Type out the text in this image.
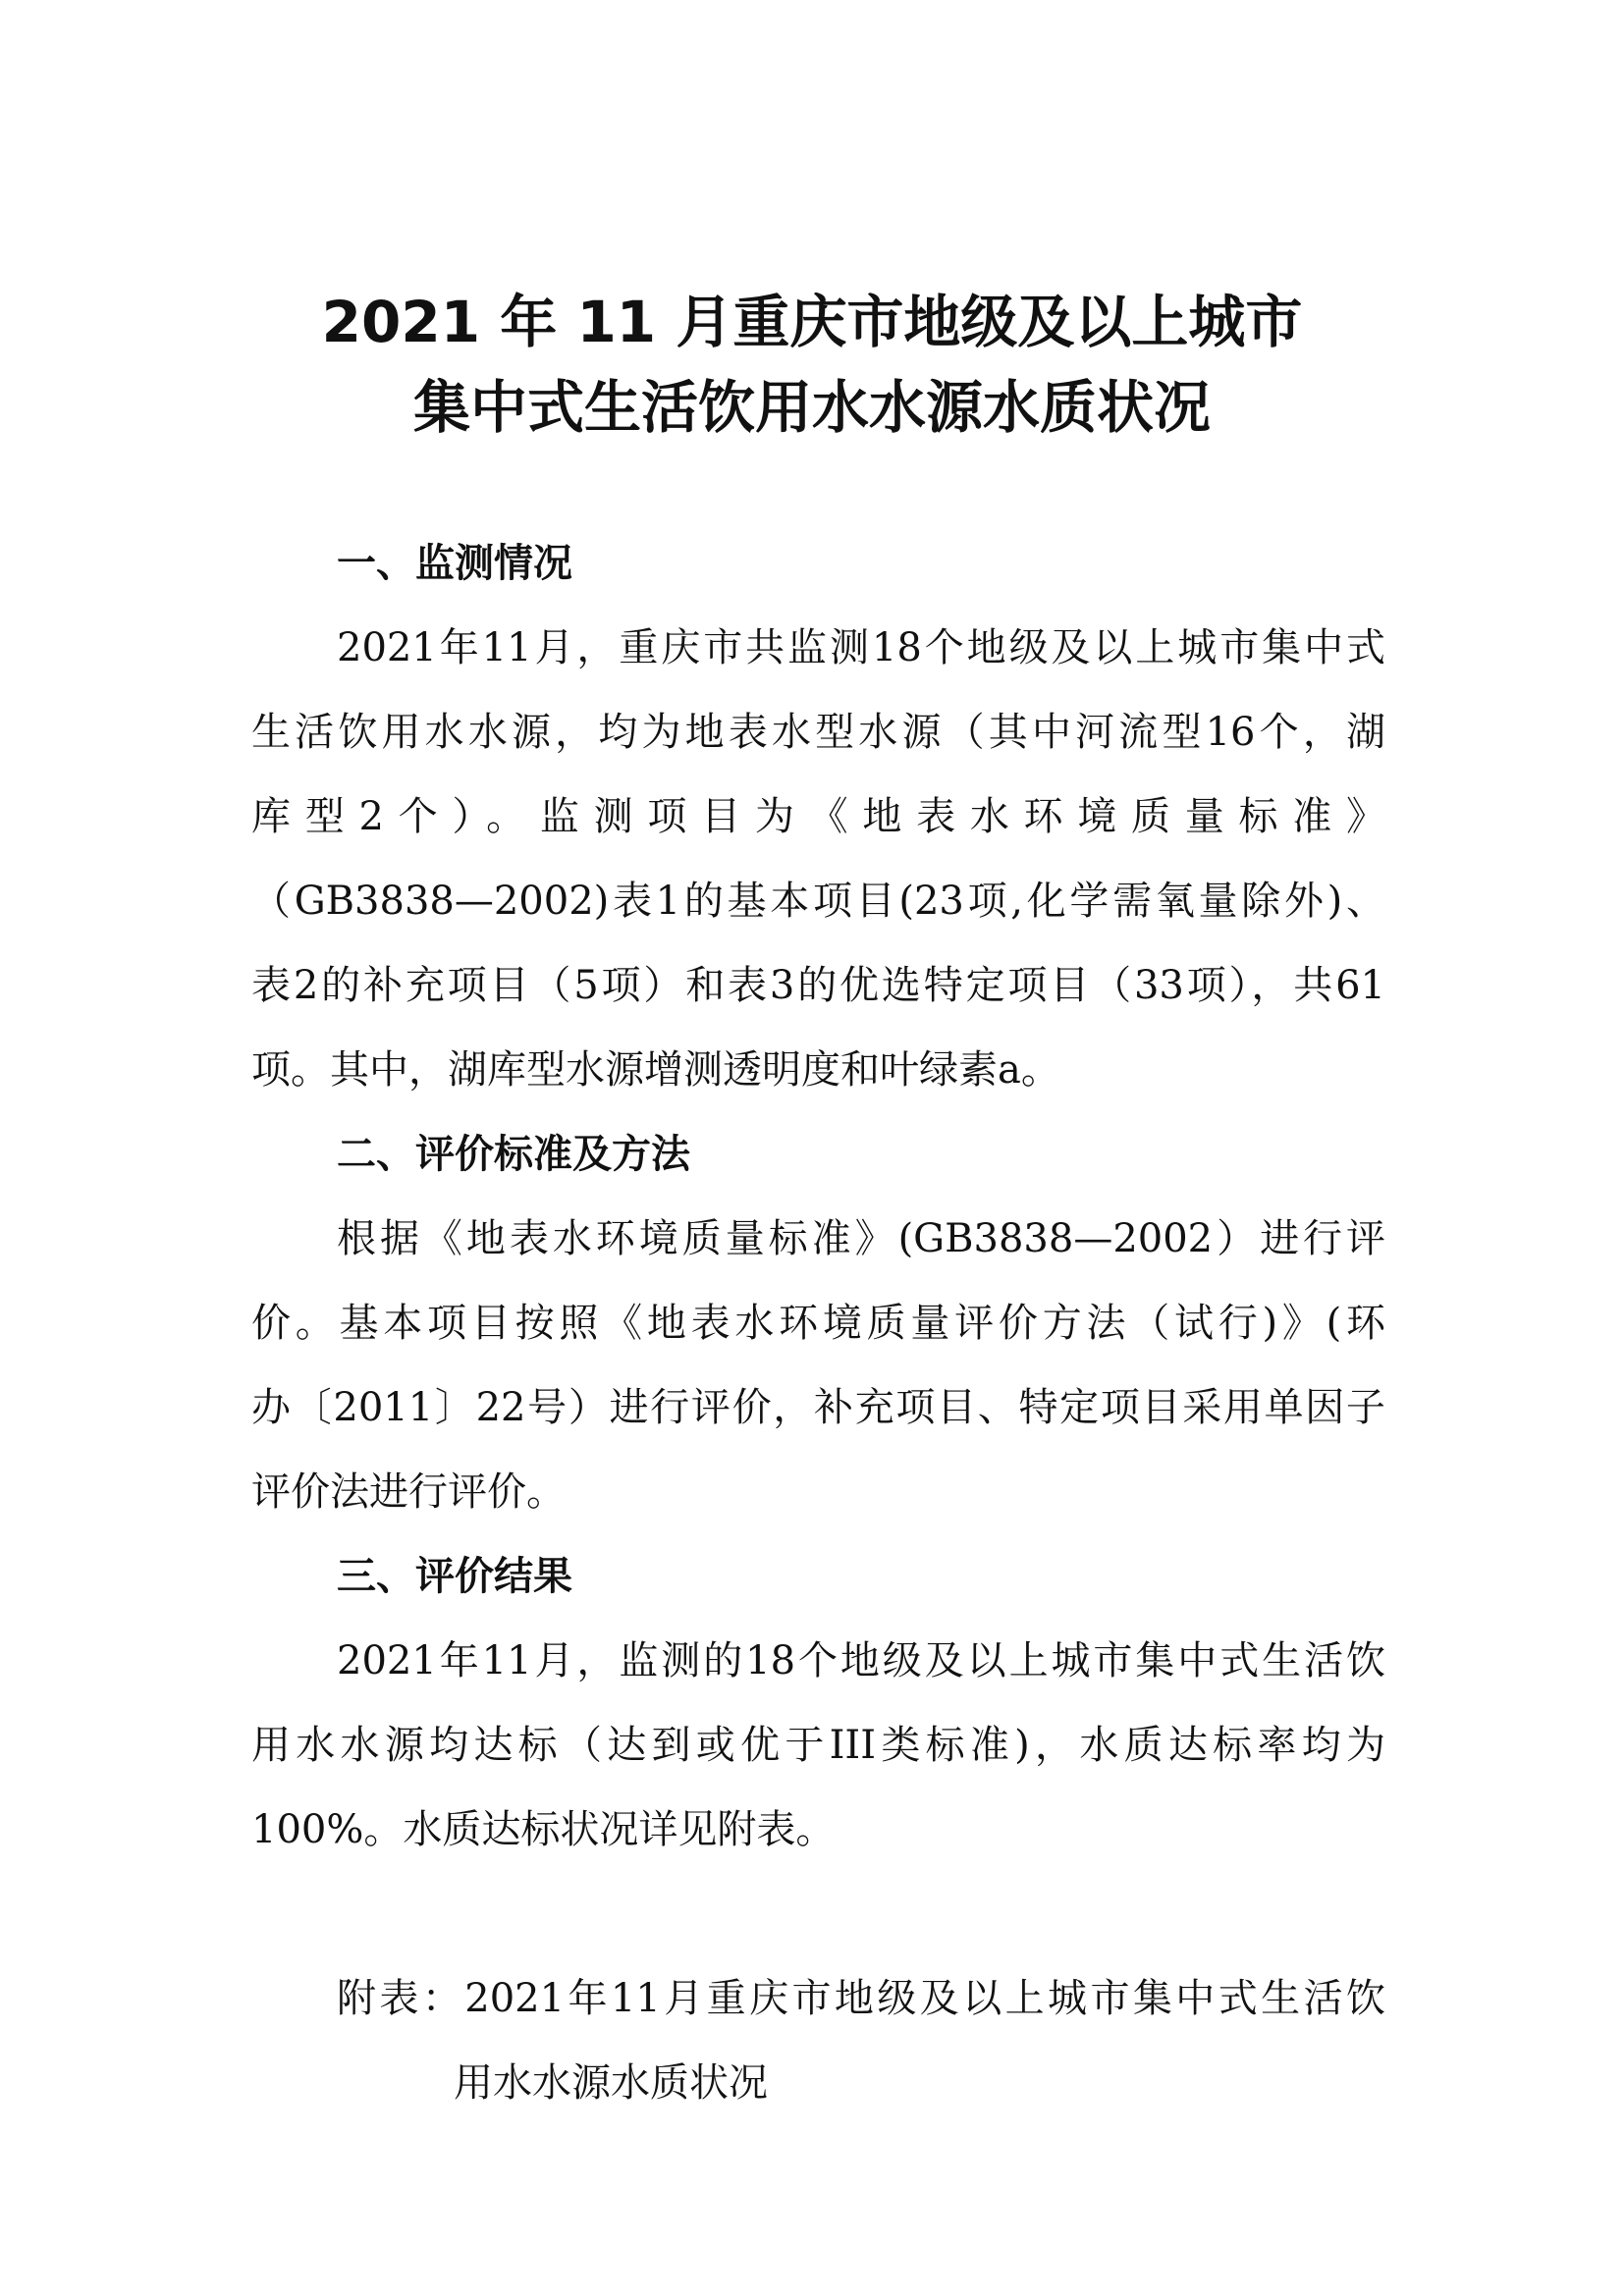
2021 年 11 月重庆市地级及以上城市
集中式生活饮用水水源水质状况
一、监测情况

2021年11月，重庆市共监测18个地级及以上城市集中式

生活饮用水水源，均为地表水型水源（其中河流型16个，湖

库型2个）。监测项目为《地表水环境质量标准》

（GB3838—2002)表1的基本项目(23项,化学需氧量除外)、

表2的补充项目（5项）和表3的优选特定项目（33项），共61

项。其中，湖库型水源增测透明度和叶绿素a。

二、评价标准及方法

根据《地表水环境质量标准》(GB3838—2002）进行评

价。基本项目按照《地表水环境质量评价方法（试行)》(环

办〔2011〕22号）进行评价，补充项目、特定项目采用单因子

评价法进行评价。

三、评价结果

2021年11月，监测的18个地级及以上城市集中式生活饮

用水水源均达标（达到或优于III类标准)，水质达标率均为

100%。水质达标状况详见附表。

附表：2021年11月重庆市地级及以上城市集中式生活饮

用水水源水质状况
